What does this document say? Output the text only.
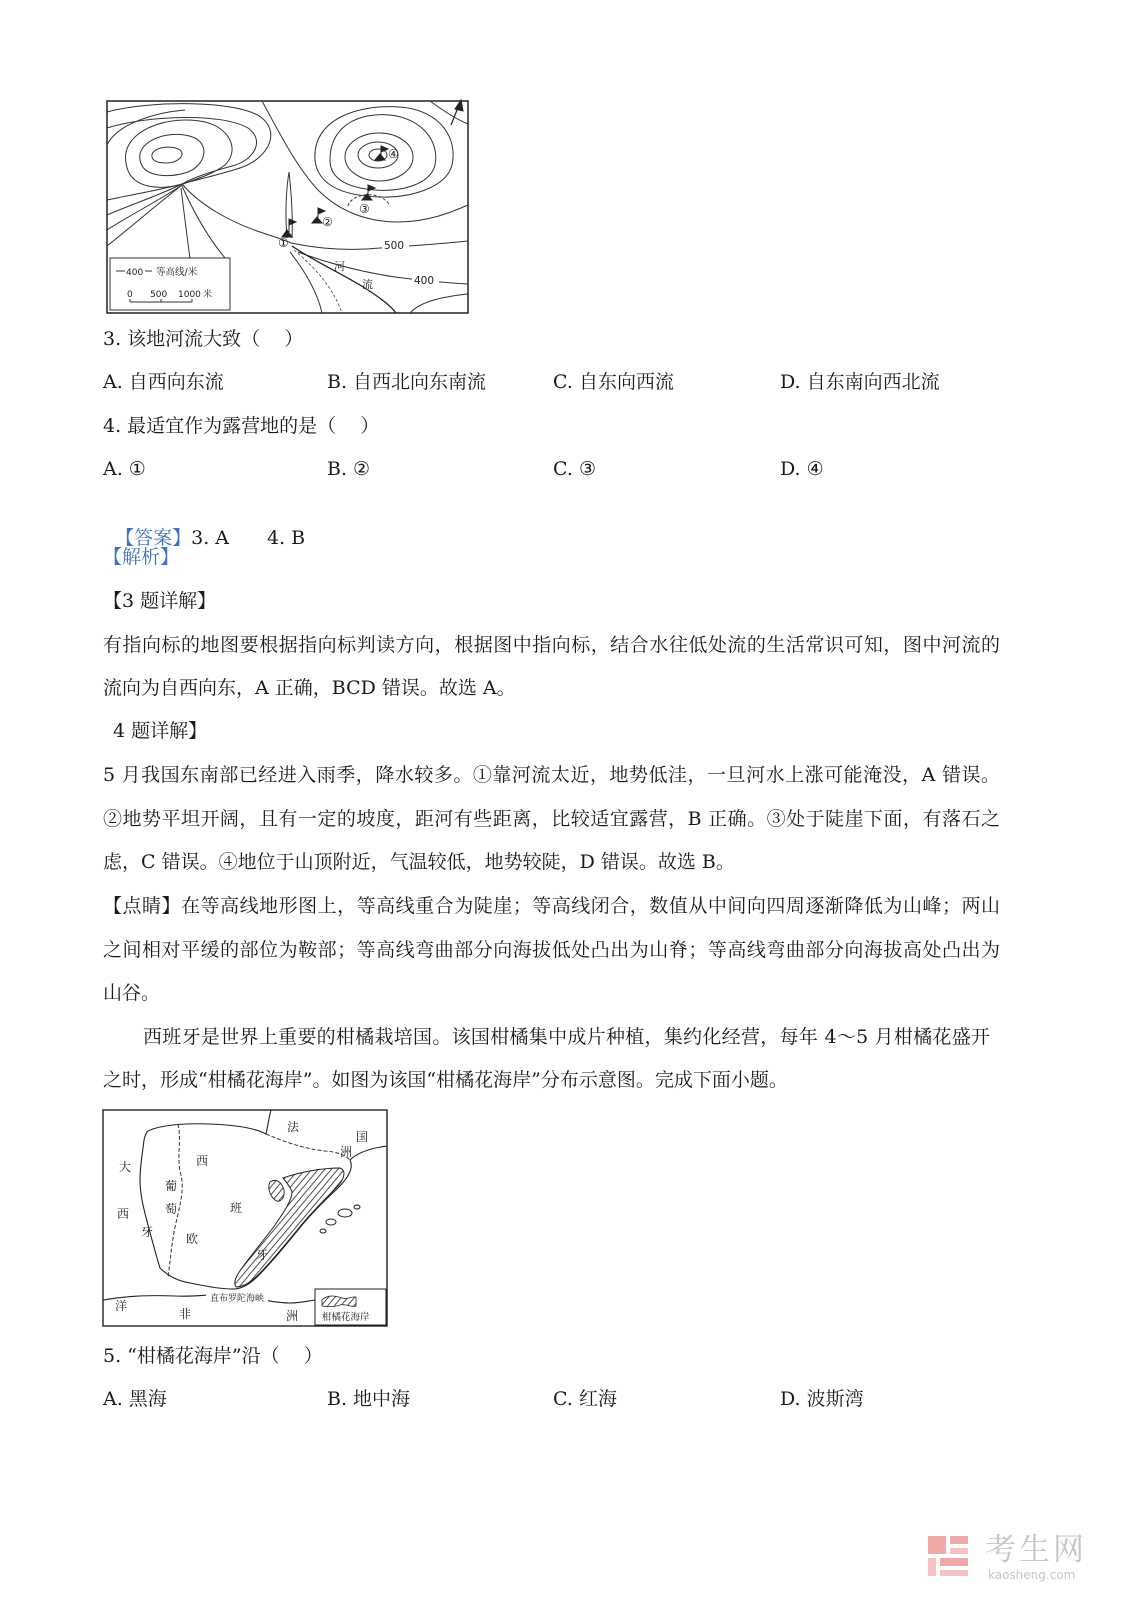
①
②
③
④
500
400
河
流
400 等高线/米
0 500 1000 米
3. 该地河流大致（    ）
A. 自西向东流	B. 自西北向东南流	C. 自东向西流	D. 自东南向西北流
4. 最适宜作为露营地的是（    ）
A. ①	B. ②	C. ③	D. ④

【答案】3. A 4. B

【解析】
【3 题详解】
有指向标的地图要根据指向标判读方向，根据图中指向标，结合水往低处流的生活常识可知，图中河流的
流向为自西向东，A 正确，BCD 错误。故选 A。
4 题详解】
5 月我国东南部已经进入雨季，降水较多。①靠河流太近，地势低洼，一旦河水上涨可能淹没，A 错误。
②地势平坦开阔，且有一定的坡度，距河有些距离，比较适宜露营，B 正确。③处于陡崖下面，有落石之
虑，C 错误。④地位于山顶附近，气温较低，地势较陡，D 错误。故选 B。
【点睛】在等高线地形图上，等高线重合为陡崖；等高线闭合，数值从中间向四周逐渐降低为山峰；两山
之间相对平缓的部位为鞍部；等高线弯曲部分向海拔低处凸出为山脊；等高线弯曲部分向海拔高处凸出为
山谷。
西班牙是世界上重要的柑橘栽培国。该国柑橘集中成片种植，集约化经营，每年 4～5 月柑橘花盛开
之时，形成“柑橘花海岸”。如图为该国“柑橘花海岸”分布示意图。完成下面小题。
法
国
洲
大	西
葡
萄	班
西
牙	欧
牙
洋
非	洲
直布罗陀海峡
柑橘花海岸
5. “柑橘花海岸”沿（    ）
A. 黑海	B. 地中海	C. 红海	D. 波斯湾
考生网
kaosheng.com
